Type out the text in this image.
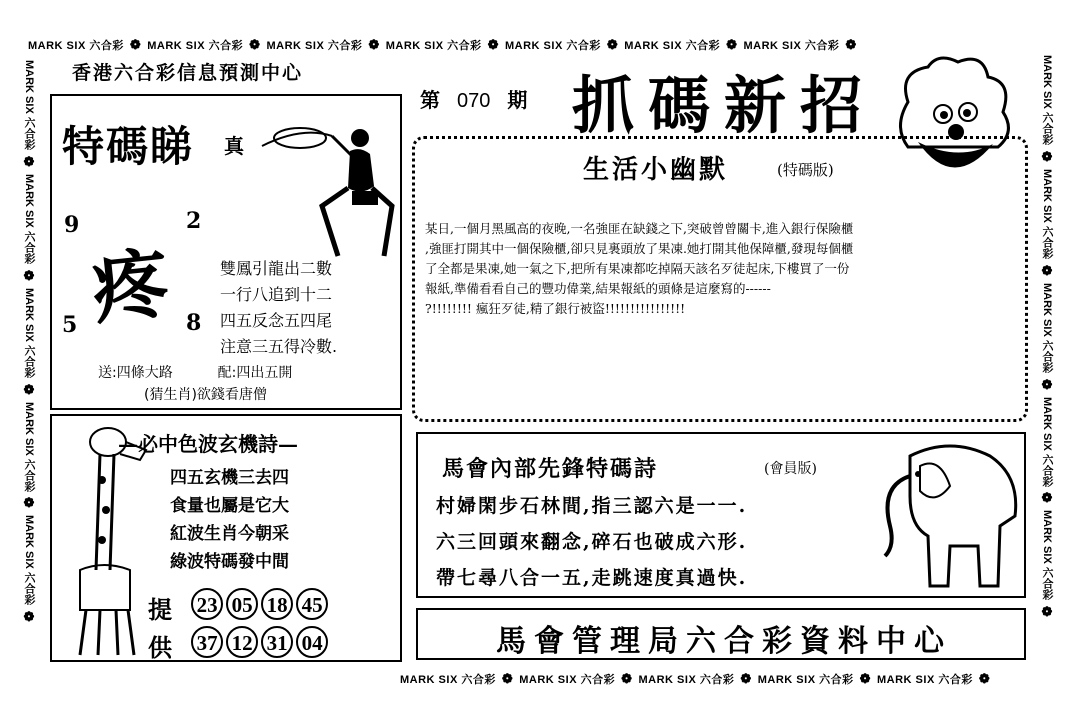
MARK SIX 六合彩 ❁ MARK SIX 六合彩 ❁ MARK SIX 六合彩 ❁ MARK SIX 六合彩 ❁ MARK SIX 六合彩 ❁ MARK SIX 六合彩 ❁ MARK SIX 六合彩 ❁
MARK SIX 六合彩 ❁ MARK SIX 六合彩 ❁ MARK SIX 六合彩 ❁ MARK SIX 六合彩 ❁ MARK SIX 六合彩 ❁
MARK SIX 六合彩
❁
MARK SIX 六合彩
❁
MARK SIX 六合彩
❁
MARK SIX 六合彩
❁
MARK SIX 六合彩
❁
MARK SIX 六合彩
❁
MARK SIX 六合彩
❁
MARK SIX 六合彩
❁
MARK SIX 六合彩
❁
MARK SIX 六合彩
❁
香港六合彩信息預測中心
特碼睇 真
9	2
5	8
疼	雙鳳引龍出二數
一行八追到十二
四五反念五四尾
注意三五得冷數.
送:四條大路	配:四出五開
(猜生肖)欲錢看唐僧
第 070 期 抓碼新招
生活小幽默	(特碼版)
某日,一個月黑風高的夜晚,一名強匪在缺錢之下,突破曾曾關卡,進入銀行保險櫃
,強匪打開其中一個保險櫃,卻只見裏頭放了果凍.她打開其他保障櫃,發現每個櫃
了全都是果凍,她一氣之下,把所有果凍都吃掉隔天該名歹徒起床,下樓買了一份
報紙,準備看看自己的豐功偉業,結果報紙的頭條是這麼寫的------
?!!!!!!!! 瘋狂歹徒,精了銀行被盜!!!!!!!!!!!!!!!!
—必中色波玄機詩—
四五玄機三去四
食量也屬是它大
紅波生肖今朝采
綠波特碼發中間
提 23 05 18 45
供 37 12 31 04
馬會內部先鋒特碼詩	(會員版)
村婦閑步石林間,指三認六是一一.
六三回頭來翻念,碎石也破成六形.
帶七尋八合一五,走跳速度真過快.
馬會管理局六合彩資料中心
